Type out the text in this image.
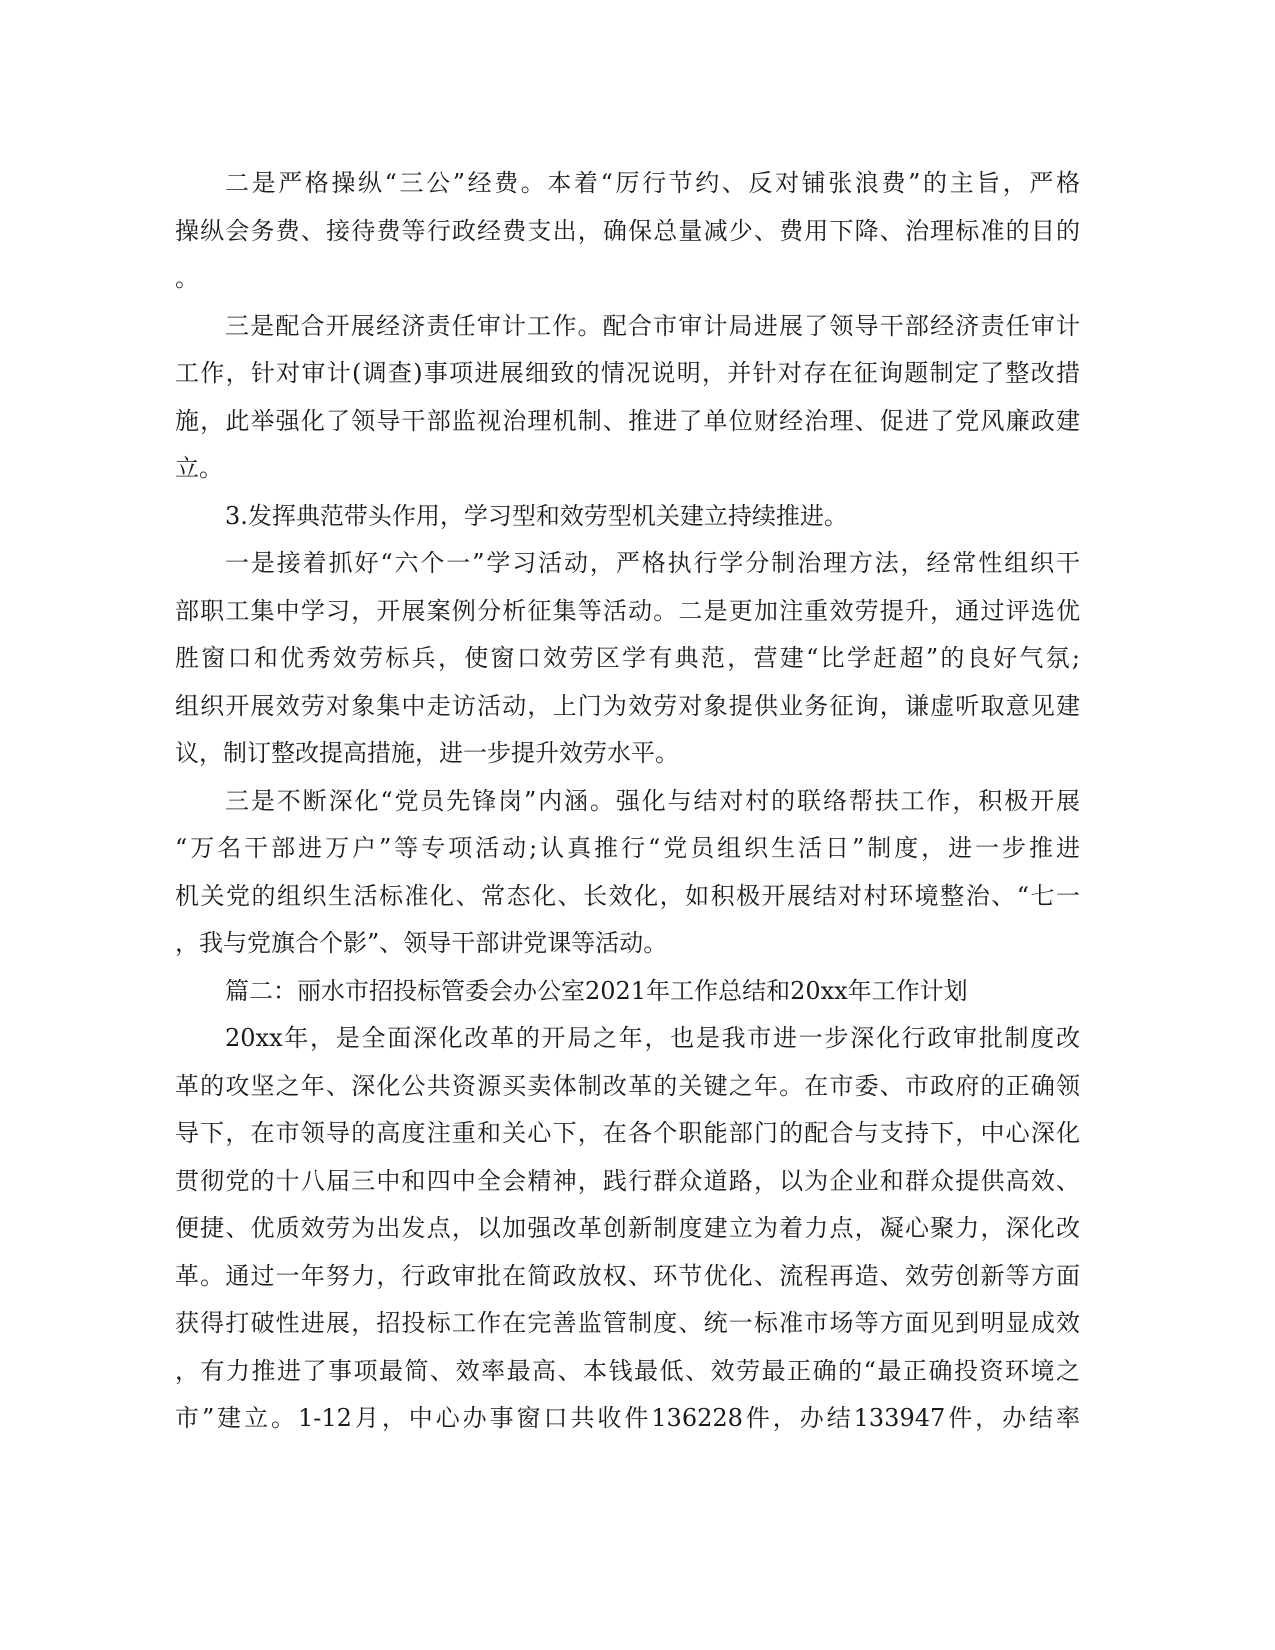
二是严格操纵“三公”经费。本着“厉行节约、反对铺张浪费”的主旨，严格
操纵会务费、接待费等行政经费支出，确保总量减少、费用下降、治理标准的目的
。
三是配合开展经济责任审计工作。配合市审计局进展了领导干部经济责任审计
工作，针对审计(调查)事项进展细致的情况说明，并针对存在征询题制定了整改措
施，此举强化了领导干部监视治理机制、推进了单位财经治理、促进了党风廉政建
立。
3.发挥典范带头作用，学习型和效劳型机关建立持续推进。
一是接着抓好“六个一”学习活动，严格执行学分制治理方法，经常性组织干
部职工集中学习，开展案例分析征集等活动。二是更加注重效劳提升，通过评选优
胜窗口和优秀效劳标兵，使窗口效劳区学有典范，营建“比学赶超”的良好气氛;
组织开展效劳对象集中走访活动，上门为效劳对象提供业务征询，谦虚听取意见建
议，制订整改提高措施，进一步提升效劳水平。
三是不断深化“党员先锋岗”内涵。强化与结对村的联络帮扶工作，积极开展
“万名干部进万户”等专项活动;认真推行“党员组织生活日”制度，进一步推进
机关党的组织生活标准化、常态化、长效化，如积极开展结对村环境整治、“七一
，我与党旗合个影”、领导干部讲党课等活动。
篇二：丽水市招投标管委会办公室2021年工作总结和20xx年工作计划
20xx年，是全面深化改革的开局之年，也是我市进一步深化行政审批制度改
革的攻坚之年、深化公共资源买卖体制改革的关键之年。在市委、市政府的正确领
导下，在市领导的高度注重和关心下，在各个职能部门的配合与支持下，中心深化
贯彻党的十八届三中和四中全会精神，践行群众道路，以为企业和群众提供高效、
便捷、优质效劳为出发点，以加强改革创新制度建立为着力点，凝心聚力，深化改
革。通过一年努力，行政审批在简政放权、环节优化、流程再造、效劳创新等方面
获得打破性进展，招投标工作在完善监管制度、统一标准市场等方面见到明显成效
，有力推进了事项最简、效率最高、本钱最低、效劳最正确的“最正确投资环境之
市”建立。1-12月，中心办事窗口共收件136228件，办结133947件，办结率
